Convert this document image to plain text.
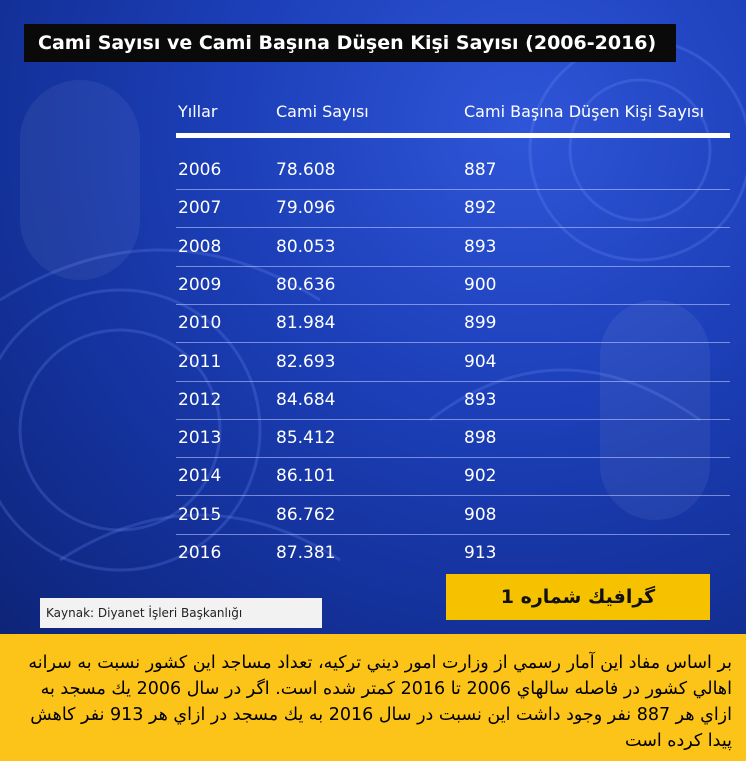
Cami Sayısı ve Cami Başına Düşen Kişi Sayısı (2006-2016)
Yıllar	Cami Sayısı	Cami Başına Düşen Kişi Sayısı
2006	78.608	887
2007	79.096	892
2008	80.053	893
2009	80.636	900
2010	81.984	899
2011	82.693	904
2012	84.684	893
2013	85.412	898
2014	86.101	902
2015	86.762	908
2016	87.381	913
Kaynak: Diyanet İşleri Başkanlığı
گرافيك شماره 1

بر اساس مفاد اين آمار رسمي از وزارت امور ديني تركيه، تعداد مساجد اين كشور نسبت به سرانه اهالي كشور در فاصله سالهاي 2006 تا 2016 كمتر شده است. اگر در سال 2006 يك مسجد به ازاي هر 887 نفر وجود داشت اين نسبت در سال 2016 به يك مسجد در ازاي هر 913 نفر كاهش پيدا كرده است
